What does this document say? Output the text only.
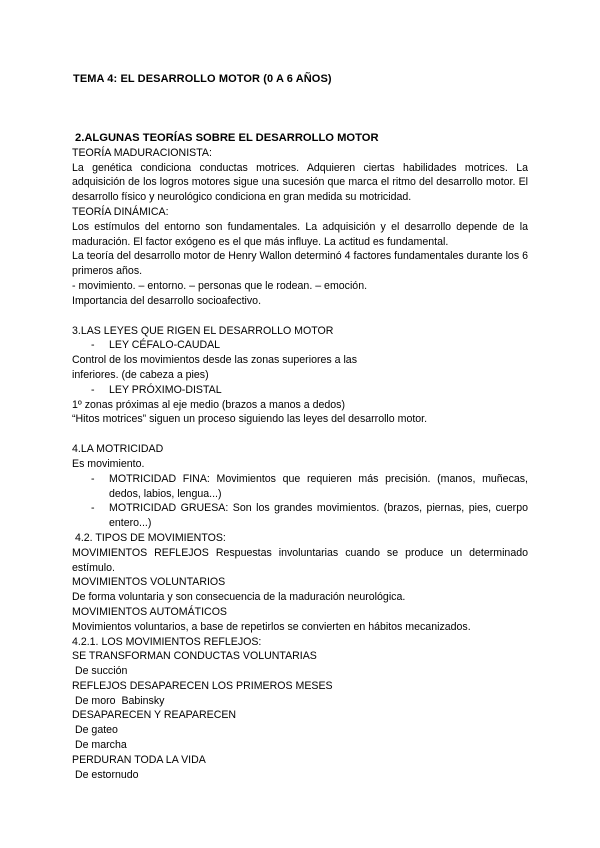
TEMA 4: EL DESARROLLO MOTOR (0 A 6 AÑOS)
2.ALGUNAS TEORÍAS SOBRE EL DESARROLLO MOTOR
TEORÍA MADURACIONISTA:
La genética condiciona conductas motrices. Adquieren ciertas habilidades motrices. La adquisición de los logros motores sigue una sucesión que marca el ritmo del desarrollo motor. El desarrollo físico y neurológico condiciona en gran medida su motricidad.
TEORÍA DINÁMICA:
Los estímulos del entorno son fundamentales. La adquisición y el desarrollo depende de la maduración. El factor exógeno es el que más influye. La actitud es fundamental.
La teoría del desarrollo motor de Henry Wallon determinó 4 factores fundamentales durante los 6 primeros años.
- movimiento. – entorno. – personas que le rodean. – emoción.
Importancia del desarrollo socioafectivo.
3.LAS LEYES QUE RIGEN EL DESARROLLO MOTOR
- LEY CÉFALO-CAUDAL
Control de los movimientos desde las zonas superiores a las
inferiores. (de cabeza a pies)
- LEY PRÓXIMO-DISTAL
1º zonas próximas al eje medio (brazos a manos a dedos)
“Hitos motrices” siguen un proceso siguiendo las leyes del desarrollo motor.
4.LA MOTRICIDAD
Es movimiento.
- MOTRICIDAD FINA: Movimientos que requieren más precisión. (manos, muñecas, dedos, labios, lengua...)
- MOTRICIDAD GRUESA: Son los grandes movimientos. (brazos, piernas, pies, cuerpo entero...)
4.2. TIPOS DE MOVIMIENTOS:
MOVIMIENTOS REFLEJOS Respuestas involuntarias cuando se produce un determinado estímulo.
MOVIMIENTOS VOLUNTARIOS
De forma voluntaria y son consecuencia de la maduración neurológica.
MOVIMIENTOS AUTOMÁTICOS
Movimientos voluntarios, a base de repetirlos se convierten en hábitos mecanizados.
4.2.1. LOS MOVIMIENTOS REFLEJOS:
SE TRANSFORMAN CONDUCTAS VOLUNTARIAS
De succión
REFLEJOS DESAPARECEN LOS PRIMEROS MESES
De moro  Babinsky
DESAPARECEN Y REAPARECEN
De gateo
De marcha
PERDURAN TODA LA VIDA
De estornudo
